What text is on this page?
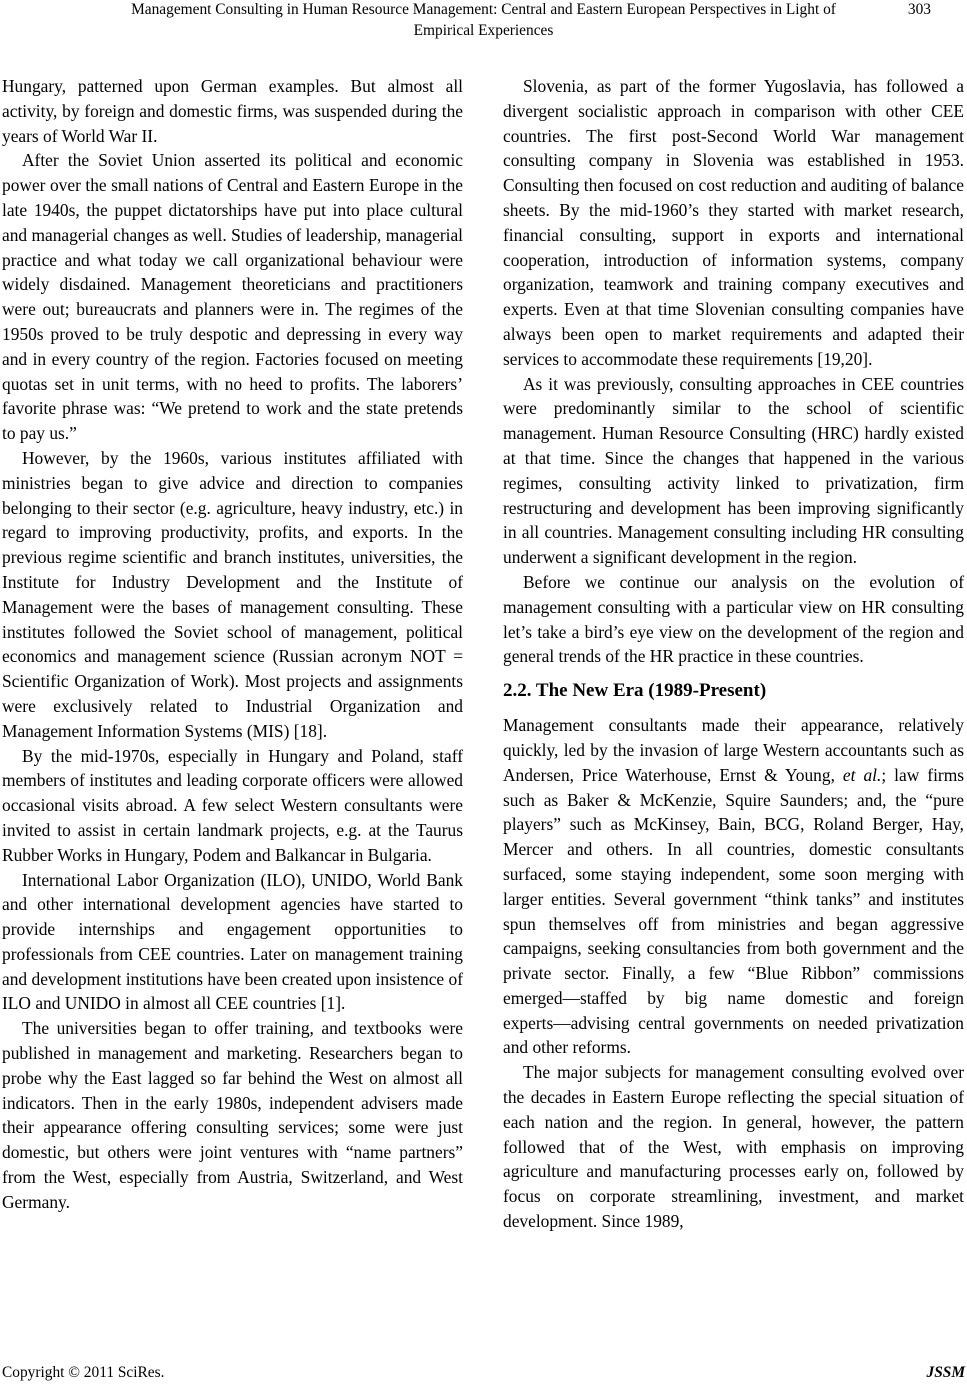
Management Consulting in Human Resource Management: Central and Eastern European Perspectives in Light of
Empirical Experiences
303

Hungary, patterned upon German examples. But almost all activity, by foreign and domestic firms, was suspended during the years of World War II.

After the Soviet Union asserted its political and economic power over the small nations of Central and Eastern Europe in the late 1940s, the puppet dictatorships have put into place cultural and managerial changes as well. Studies of leadership, managerial practice and what today we call organizational behaviour were widely disdained. Management theoreticians and practitioners were out; bureaucrats and planners were in. The regimes of the 1950s proved to be truly despotic and depressing in every way and in every country of the region. Factories focused on meeting quotas set in unit terms, with no heed to profits. The laborers’ favorite phrase was: “We pretend to work and the state pretends to pay us.”

However, by the 1960s, various institutes affiliated with ministries began to give advice and direction to companies belonging to their sector (e.g. agriculture, heavy industry, etc.) in regard to improving productivity, profits, and exports. In the previous regime scientific and branch institutes, universities, the Institute for Industry Development and the Institute of Management were the bases of management consulting. These institutes followed the Soviet school of management, political economics and management science (Russian acronym NOT = Scientific Organization of Work). Most projects and assignments were exclusively related to Industrial Organization and Management Information Systems (MIS) [18].

By the mid-1970s, especially in Hungary and Poland, staff members of institutes and leading corporate officers were allowed occasional visits abroad. A few select Western consultants were invited to assist in certain landmark projects, e.g. at the Taurus Rubber Works in Hungary, Podem and Balkancar in Bulgaria.

International Labor Organization (ILO), UNIDO, World Bank and other international development agencies have started to provide internships and engagement opportunities to professionals from CEE countries. Later on management training and development institutions have been created upon insistence of ILO and UNIDO in almost all CEE countries [1].

The universities began to offer training, and textbooks were published in management and marketing. Researchers began to probe why the East lagged so far behind the West on almost all indicators. Then in the early 1980s, independent advisers made their appearance offering consulting services; some were just domestic, but others were joint ventures with “name partners” from the West, especially from Austria, Switzerland, and West Germany.

Slovenia, as part of the former Yugoslavia, has followed a divergent socialistic approach in comparison with other CEE countries. The first post-Second World War management consulting company in Slovenia was established in 1953. Consulting then focused on cost reduction and auditing of balance sheets. By the mid-1960’s they started with market research, financial consulting, support in exports and international cooperation, introduction of information systems, company organization, teamwork and training company executives and experts. Even at that time Slovenian consulting companies have always been open to market requirements and adapted their services to accommodate these requirements [19,20].

As it was previously, consulting approaches in CEE countries were predominantly similar to the school of scientific management. Human Resource Consulting (HRC) hardly existed at that time. Since the changes that happened in the various regimes, consulting activity linked to privatization, firm restructuring and development has been improving significantly in all countries. Management consulting including HR consulting underwent a significant development in the region.

Before we continue our analysis on the evolution of management consulting with a particular view on HR consulting let’s take a bird’s eye view on the development of the region and general trends of the HR practice in these countries.

2.2. The New Era (1989-Present)

Management consultants made their appearance, relatively quickly, led by the invasion of large Western accountants such as Andersen, Price Waterhouse, Ernst & Young, et al.; law firms such as Baker & McKenzie, Squire Saunders; and, the “pure players” such as McKinsey, Bain, BCG, Roland Berger, Hay, Mercer and others. In all countries, domestic consultants surfaced, some staying independent, some soon merging with larger entities. Several government “think tanks” and institutes spun themselves off from ministries and began aggressive campaigns, seeking consultancies from both government and the private sector. Finally, a few “Blue Ribbon” commissions emerged―staffed by big name domestic and foreign experts―advising central governments on needed privatization and other reforms.

The major subjects for management consulting evolved over the decades in Eastern Europe reflecting the special situation of each nation and the region. In general, however, the pattern followed that of the West, with emphasis on improving agriculture and manufacturing processes early on, followed by focus on corporate streamlining, investment, and market development. Since 1989,

Copyright © 2011 SciRes.	JSSM
